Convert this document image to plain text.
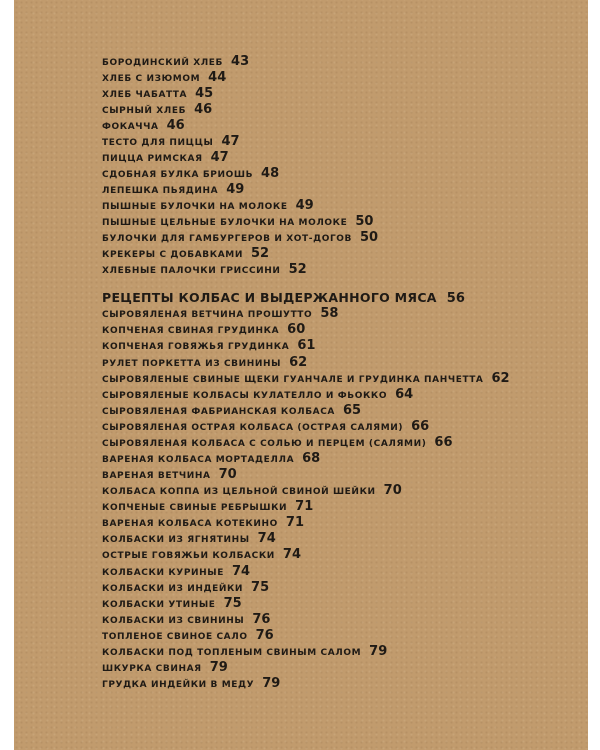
БОРОДИНСКИЙ ХЛЕБ 43
ХЛЕБ С ИЗЮМОМ 44
ХЛЕБ ЧАБАТТА 45
СЫРНЫЙ ХЛЕБ 46
ФОКАЧЧА 46
ТЕСТО ДЛЯ ПИЦЦЫ 47
ПИЦЦА РИМСКАЯ 47
СДОБНАЯ БУЛКА БРИОШЬ 48
ЛЕПЕШКА ПЬЯДИНА 49
ПЫШНЫЕ БУЛОЧКИ НА МОЛОКЕ 49
ПЫШНЫЕ ЦЕЛЬНЫЕ БУЛОЧКИ НА МОЛОКЕ 50
БУЛОЧКИ ДЛЯ ГАМБУРГЕРОВ И ХОТ-ДОГОВ 50
КРЕКЕРЫ С ДОБАВКАМИ 52
ХЛЕБНЫЕ ПАЛОЧКИ ГРИССИНИ 52
РЕЦЕПТЫ КОЛБАС И ВЫДЕРЖАННОГО МЯСА 56
СЫРОВЯЛЕНАЯ ВЕТЧИНА ПРОШУТТО 58
КОПЧЕНАЯ СВИНАЯ ГРУДИНКА 60
КОПЧЕНАЯ ГОВЯЖЬЯ ГРУДИНКА 61
РУЛЕТ ПОРКЕТТА ИЗ СВИНИНЫ 62
СЫРОВЯЛЕНЫЕ СВИНЫЕ ЩЕКИ ГУАНЧАЛЕ И ГРУДИНКА ПАНЧЕТТА 62
СЫРОВЯЛЕНЫЕ КОЛБАСЫ КУЛАТЕЛЛО И ФЬОККО 64
СЫРОВЯЛЕНАЯ ФАБРИАНСКАЯ КОЛБАСА 65
СЫРОВЯЛЕНАЯ ОСТРАЯ КОЛБАСА (ОСТРАЯ САЛЯМИ) 66
СЫРОВЯЛЕНАЯ КОЛБАСА С СОЛЬЮ И ПЕРЦЕМ (САЛЯМИ) 66
ВАРЕНАЯ КОЛБАСА МОРТАДЕЛЛА 68
ВАРЕНАЯ ВЕТЧИНА 70
КОЛБАСА КОППА ИЗ ЦЕЛЬНОЙ СВИНОЙ ШЕЙКИ 70
КОПЧЕНЫЕ СВИНЫЕ РЕБРЫШКИ 71
ВАРЕНАЯ КОЛБАСА КОТЕКИНО 71
КОЛБАСКИ ИЗ ЯГНЯТИНЫ 74
ОСТРЫЕ ГОВЯЖЬИ КОЛБАСКИ 74
КОЛБАСКИ КУРИНЫЕ 74
КОЛБАСКИ ИЗ ИНДЕЙКИ 75
КОЛБАСКИ УТИНЫЕ 75
КОЛБАСКИ ИЗ СВИНИНЫ 76
ТОПЛЕНОЕ СВИНОЕ САЛО 76
КОЛБАСКИ ПОД ТОПЛЕНЫМ СВИНЫМ САЛОМ 79
ШКУРКА СВИНАЯ 79
ГРУДКА ИНДЕЙКИ В МЕДУ 79
